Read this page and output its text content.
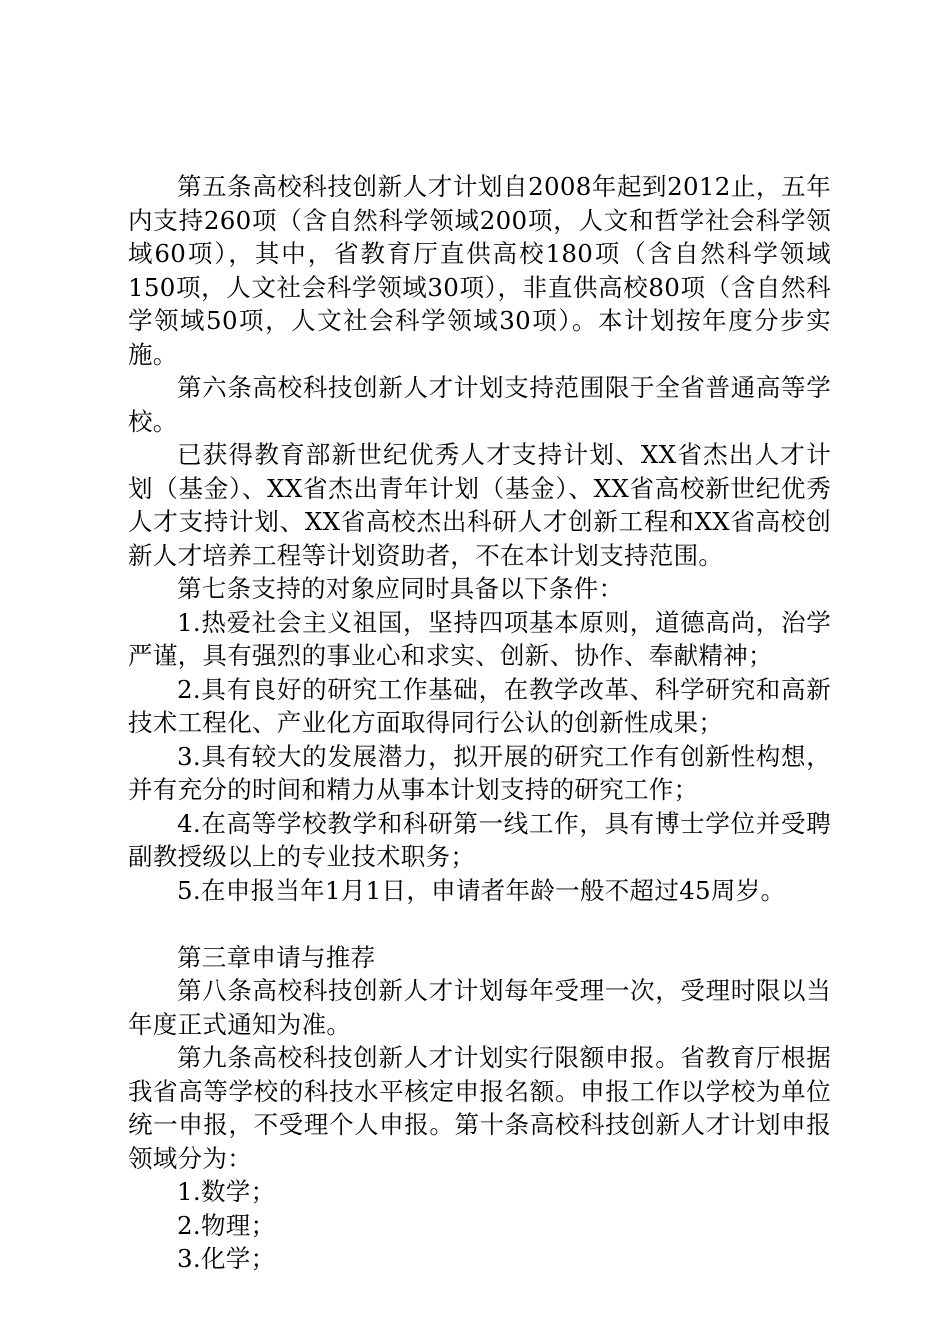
第五条高校科技创新人才计划自2008年起到2012止，五年内支持260项（含自然科学领域200项，人文和哲学社会科学领域60项），其中，省教育厅直供高校180项（含自然科学领域150项，人文社会科学领域30项），非直供高校80项（含自然科学领域50项，人文社会科学领域30项）。本计划按年度分步实施。

第六条高校科技创新人才计划支持范围限于全省普通高等学校。

已获得教育部新世纪优秀人才支持计划、XX省杰出人才计划（基金）、XX省杰出青年计划（基金）、XX省高校新世纪优秀人才支持计划、XX省高校杰出科研人才创新工程和XX省高校创新人才培养工程等计划资助者，不在本计划支持范围。

第七条支持的对象应同时具备以下条件：

1.热爱社会主义祖国，坚持四项基本原则，道德高尚，治学严谨，具有强烈的事业心和求实、创新、协作、奉献精神；

2.具有良好的研究工作基础，在教学改革、科学研究和高新技术工程化、产业化方面取得同行公认的创新性成果；

3.具有较大的发展潜力，拟开展的研究工作有创新性构想，并有充分的时间和精力从事本计划支持的研究工作；

4.在高等学校教学和科研第一线工作，具有博士学位并受聘副教授级以上的专业技术职务；

5.在申报当年1月1日，申请者年龄一般不超过45周岁。

第三章申请与推荐

第八条高校科技创新人才计划每年受理一次，受理时限以当年度正式通知为准。

第九条高校科技创新人才计划实行限额申报。省教育厅根据我省高等学校的科技水平核定申报名额。申报工作以学校为单位统一申报，不受理个人申报。第十条高校科技创新人才计划申报领域分为：

1.数学；

2.物理；

3.化学；
